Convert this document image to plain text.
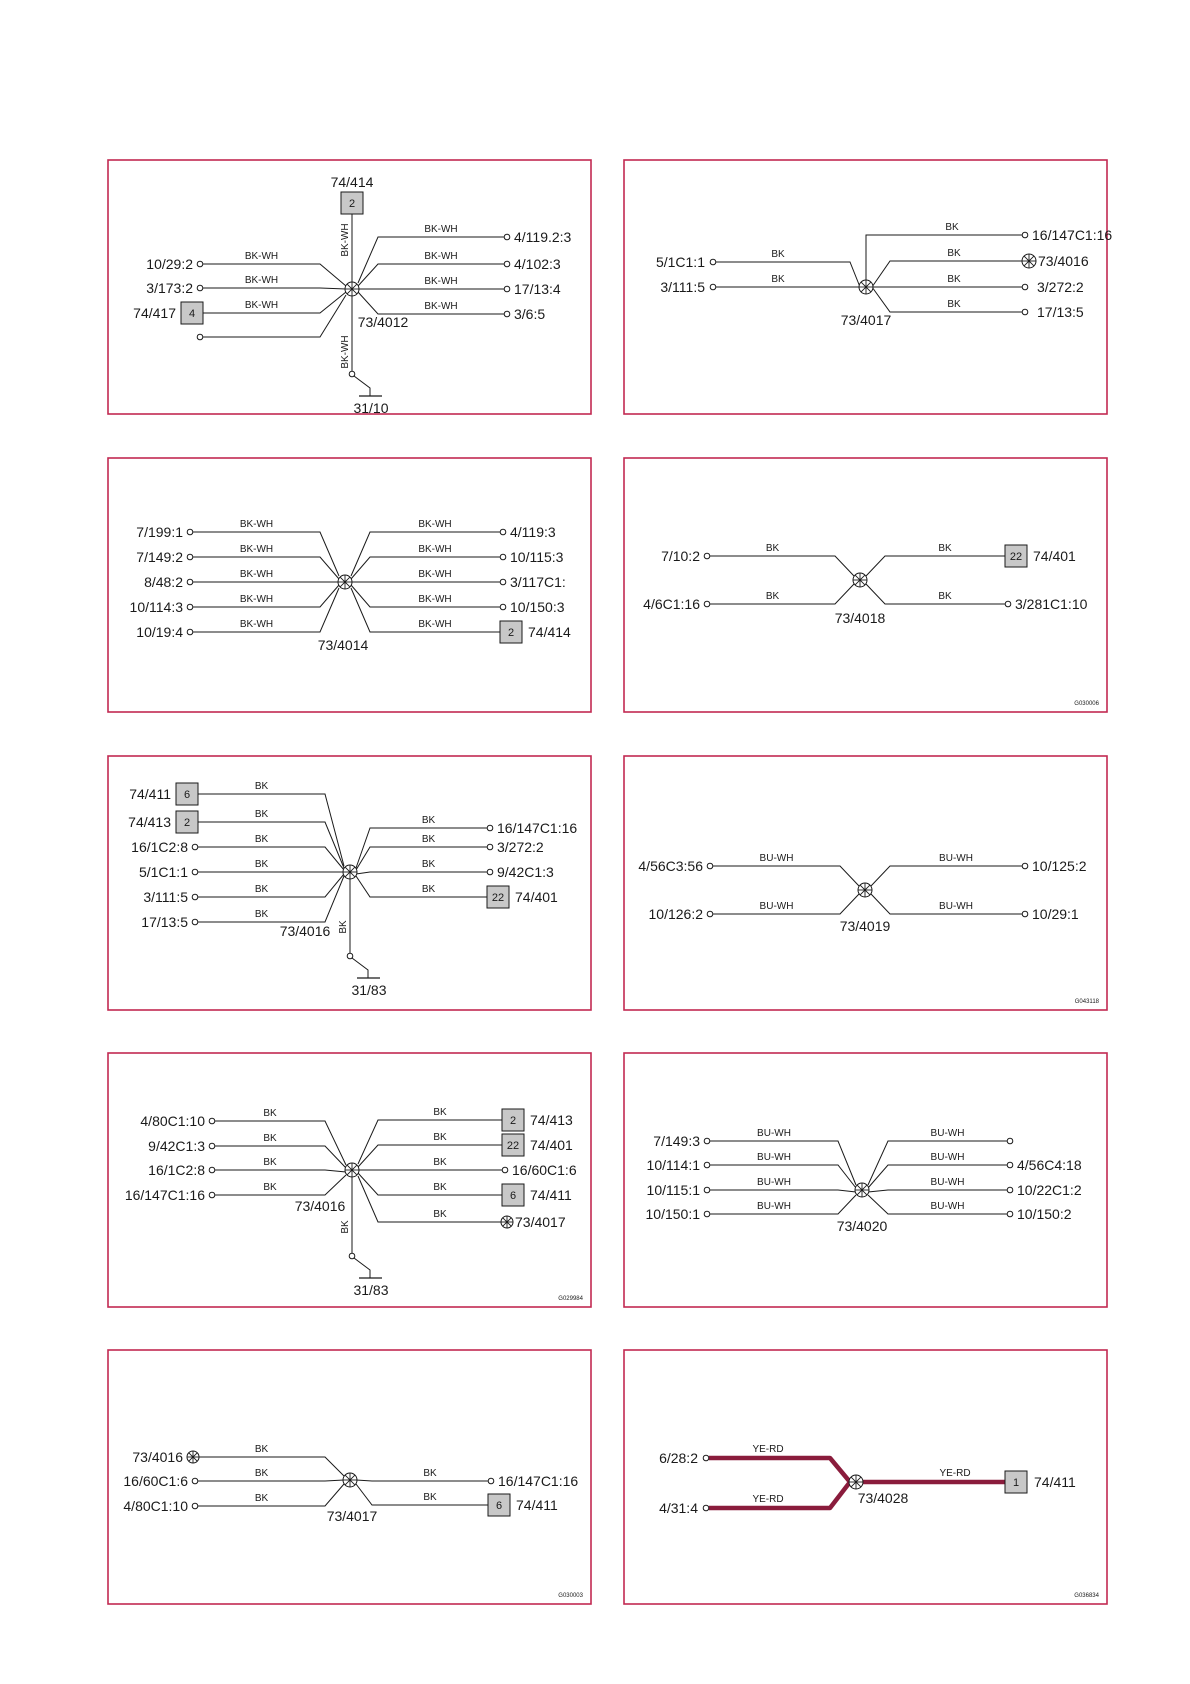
74/414
2
BK-WH
BK-WH
10/29:2
BK-WH
3/173:2
BK-WH
4
74/417
BK-WH	4/119.2:3
BK-WH	4/102:3
BK-WH	17/13:4
BK-WH	3/6:5
73/4012
BK-WH
31/10
BK
5/1C1:1
BK
3/111:5
BK	16/147C1:16
BK	73/4016
BK	3/272:2
BK	17/13:5
73/4017
BK-WH
7/199:1
BK-WH
7/149:2
BK-WH
8/48:2
BK-WH
10/114:3
BK-WH
10/19:4
BK-WH	4/119:3
BK-WH	10/115:3
BK-WH	3/117C1:
BK-WH	10/150:3
BK-WH
2 74/414
73/4014
G030006
BK
7/10:2
BK
4/6C1:16
BK
22 74/401
BK	3/281C1:10
73/4018
BK
6
74/411
BK
2
74/413
BK
16/1C2:8
BK
5/1C1:1
BK
3/111:5
BK
17/13:5
BK	16/147C1:16
BK	3/272:2
BK	9/42C1:3
BK
22 74/401
73/4016 BK
31/83
G043118
BU-WH
4/56C3:56
BU-WH
10/126:2
BU-WH	10/125:2
BU-WH	10/29:1
73/4019
G029984
BK
4/80C1:10
BK
9/42C1:3
BK
16/1C2:8
BK
16/147C1:16
BK
2 74/413
BK
22 74/401
BK	16/60C1:6
BK
6 74/411
BK	73/4017
73/4016
BK
31/83
BU-WH
7/149:3
BU-WH
10/114:1
BU-WH
10/115:1
BU-WH
10/150:1
BU-WH
BU-WH	4/56C4:18
BU-WH	10/22C1:2
BU-WH	10/150:2
73/4020
G030003
BK
73/4016
BK
16/60C1:6
BK
4/80C1:10
BK	16/147C1:16
BK
6 74/411
73/4017
G036834
YE-RD
6/28:2
YE-RD
4/31:4
YE-RD
1 74/411
73/4028
